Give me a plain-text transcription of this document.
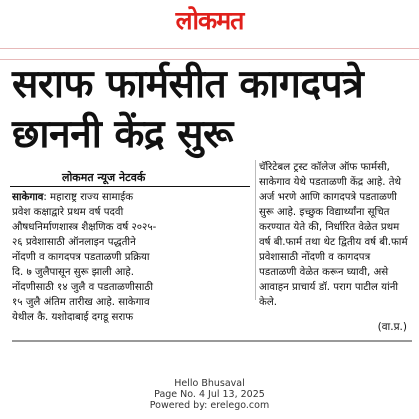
लोकमत
सराफ फार्मसीत कागदपत्रे
छाननी केंद्र सुरू
लोकमत न्यूज नेटवर्क
साकेगाव: महाराष्ट्र राज्य सामाईक
प्रवेश कक्षाद्वारे प्रथम वर्ष पदवी
औषधनिर्माणशास्त्र शैक्षणिक वर्ष २०२५-
२६ प्रवेशासाठी ऑनलाइन पद्धतीने
नोंदणी व कागदपत्र पडताळणी प्रक्रिया
दि. ७ जुलैपासून सुरू झाली आहे.
नोंदणीसाठी १४ जुलै व पडताळणीसाठी
१५ जुलै अंतिम तारीख आहे. साकेगाव
येथील कै. यशोदाबाई दगडू सराफ
चॅरिटेबल ट्रस्ट कॉलेज ऑफ फार्मसी,
साकेगाव येथे पडताळणी केंद्र आहे. तेथे
अर्ज भरणे आणि कागदपत्रे पडताळणी
सुरू आहे. इच्छुक विद्यार्थ्यांना सूचित
करण्यात येते की, निर्धारित वेळेत प्रथम
वर्ष बी.फार्म तथा थेट द्वितीय वर्ष बी.फार्म
प्रवेशासाठी नोंदणी व कागदपत्र
पडताळणी वेळेत करून घ्यावी, असे
आवाहन प्राचार्य डॉ. पराग पाटील यांनी
केले.
(वा.प्र.)
Hello Bhusaval
Page No. 4 Jul 13, 2025
Powered by: erelego.com
